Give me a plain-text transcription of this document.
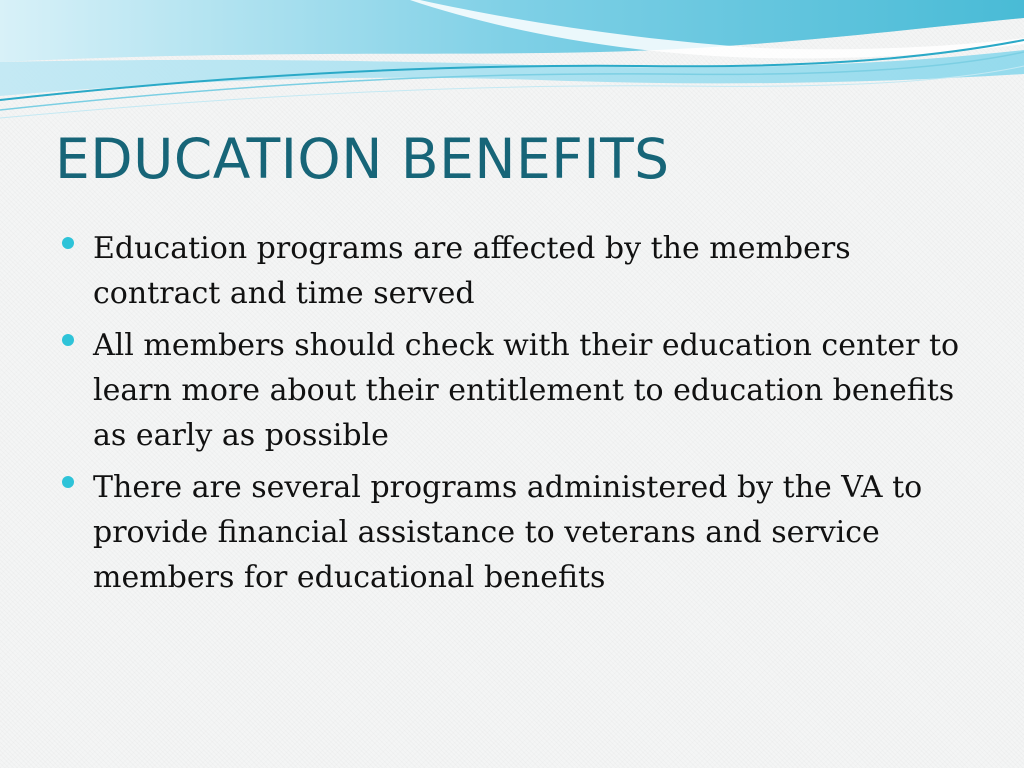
EDUCATION BENEFITS
Education programs are affected by the members contract and time served
All members should check with their education center to learn more about their entitlement to education benefits as early as possible
There are several programs administered by the VA to provide financial assistance to veterans and service members for educational benefits
